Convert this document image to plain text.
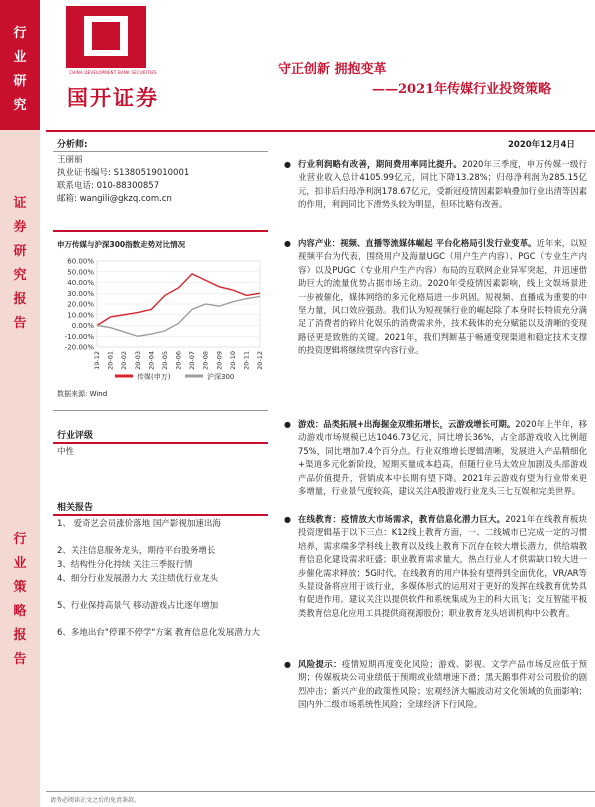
行
业
研
究
证
券
研
究
报
告
行
业
策
略
报
告
CHINA DEVELOPMENT BANK SECURITIES
国开证券
守正创新 拥抱变革
——2021年传媒行业投资策略
2020年12月4日
分析师:
王丽丽
执业证书编号: S1380519010001
联系电话: 010-88300857
邮箱: wangili@gkzq.com.cn
申万传媒与沪深300指数走势对比情况
60.00%
50.00%
40.00%
30.00%
20.00%
10.00%
0.00%
-10.00%
-20.00%
19-12 20-01 20-02 20-03 20-04 20-05 20-06 20-07 20-08 20-09 20-10 20-11 20-12
传媒(申万)	沪深300
数据来源: Wind
行业评级
中性
相关报告
1、 爱奇艺会员涨价落地 国产影视加速出海
2、关注信息服务龙头，期待平台股务增长
3、结构性分化持续 关注三季报行情
4、细分行业发展潜力大 关注绩优行业龙头
5、行业保持高景气 移动游戏占比逐年增加
6、多地出台"停课不停学"方案 教育信息化发展潜力大
● 行业利润略有改善，期间费用率同比提升。2020年三季度，申万传媒一级行业营业收入总计4105.99亿元，同比下降13.28%；归母净利润为285.15亿元，扣非后归母净利润178.67亿元，受新冠疫情因素影响叠加行业出清等因素的作用，利润同比下滑势头较为明显，但环比略有改善。
● 内容产业：视频、直播等流媒体崛起 平台化格局引发行业变革。近年来，以短视频平台为代表，围绕用户及海量UGC（用户生产内容）、PGC（专业生产内容）以及PUGC（专业用户生产内容）布局的互联网企业异军突起，并迅速借助巨大的流量优势占据市场主动。2020年受疫情因素影响，线上文娱场景进一步被催化，媒体网络的多元化格局进一步巩固。短视频、直播成为重要的中坚力量，风口效应强劲。我们认为短视频行业的崛起除了本身时长特质充分满足了消费者的碎片化娱乐的消费需求外，技术载体的充分赋能以及清晰的变现路径更是致胜的关键。2021年，我们判断基于畅通变现渠道和稳定技术支撑的投资逻辑将继续贯穿内容行业。
● 游戏：品类拓展+出海掘金双维拓增长，云游戏增长可期。2020年上半年，移动游戏市场规模已达1046.73亿元，同比增长36%，占全部游戏收入比例超75%，同比增加7.4个百分点。行业双维增长逻辑清晰，发展进入产品精细化+渠道多元化新阶段，短期买量成本趋高，但随行业马太效应加剧及头部游戏产品价值提升，营销成本中长期有望下降。2021年云游戏有望为行业带来更多增量，行业景气度较高，建议关注A股游戏行业龙头三七互娱和完美世界。
● 在线教育：疫情放大市场需求，教育信息化潜力巨大。2021年在线教育板块投资逻辑基于以下三点：K12线上教育方面，一、二线城市已完成一定的习惯培养，需求端多学科线上教育以及线上教育下沉存在较大增长潜力，供给端教育信息化建设需求旺盛；职业教育需求量大，热点行业人才供需缺口较大进一步催化需求释放；5G时代，在线教育的用户体验有望得到全面优化，VR/AR等头显设备将应用于该行业，多媒体形式的运用对于更好的发挥在线教育优势具有促进作用。建议关注以提供软件和系统集成为主的科大讯飞；交互智能平板类教育信息化应用工具提供商视源股份；职业教育龙头培训机构中公教育。
● 风险提示：疫情短期再度变化风险；游戏、影视、文学产品市场反应低于预期；传媒板块公司业绩低于预期或业绩增速下滑；黑天鹅事件对公司股价的剧烈冲击；新兴产业的政策性风险；宏观经济大幅波动对文化领域的负面影响；国内外二级市场系统性风险；全球经济下行风险。
请务必阅读正文之后的免责条款。
